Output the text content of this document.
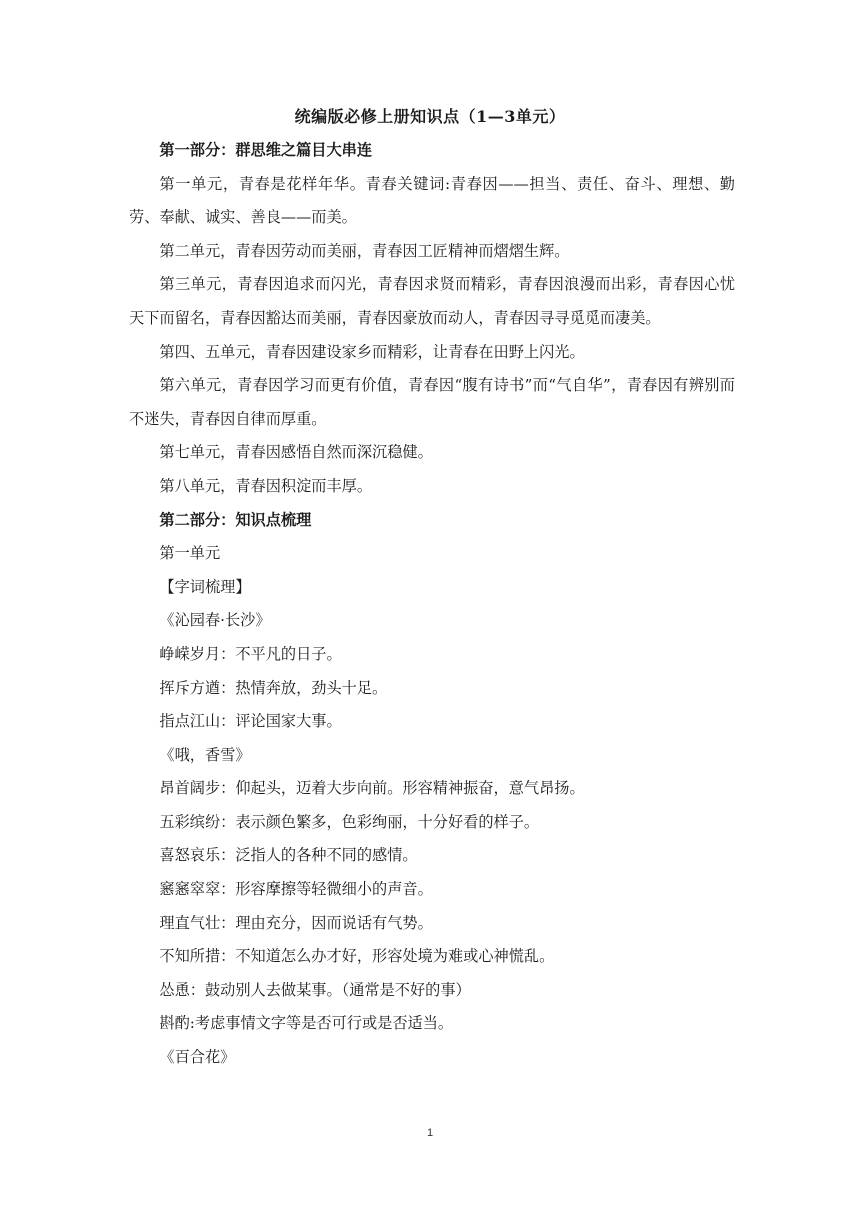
统编版必修上册知识点（1—3单元）

第一部分：群思维之篇目大串连

第一单元，青春是花样年华。青春关键词:青春因——担当、责任、奋斗、理想、勤劳、奉献、诚实、善良——而美。

第二单元，青春因劳动而美丽，青春因工匠精神而熠熠生辉。

第三单元，青春因追求而闪光，青春因求贤而精彩，青春因浪漫而出彩，青春因心忧天下而留名，青春因豁达而美丽，青春因豪放而动人，青春因寻寻觅觅而凄美。

第四、五单元，青春因建设家乡而精彩，让青春在田野上闪光。

第六单元，青春因学习而更有价值，青春因“腹有诗书”而“气自华”，青春因有辨别而不迷失，青春因自律而厚重。

第七单元，青春因感悟自然而深沉稳健。

第八单元，青春因积淀而丰厚。

第二部分：知识点梳理

第一单元

【字词梳理】

《沁园春·长沙》

峥嵘岁月：不平凡的日子。

挥斥方遒：热情奔放，劲头十足。

指点江山：评论国家大事。

《哦，香雪》

昂首阔步：仰起头，迈着大步向前。形容精神振奋，意气昂扬。

五彩缤纷：表示颜色繁多，色彩绚丽，十分好看的样子。

喜怒哀乐：泛指人的各种不同的感情。

窸窸窣窣：形容摩擦等轻微细小的声音。

理直气壮：理由充分，因而说话有气势。

不知所措：不知道怎么办才好，形容处境为难或心神慌乱。

怂恿：鼓动别人去做某事。（通常是不好的事）

斟酌:考虑事情文字等是否可行或是否适当。

《百合花》

1
